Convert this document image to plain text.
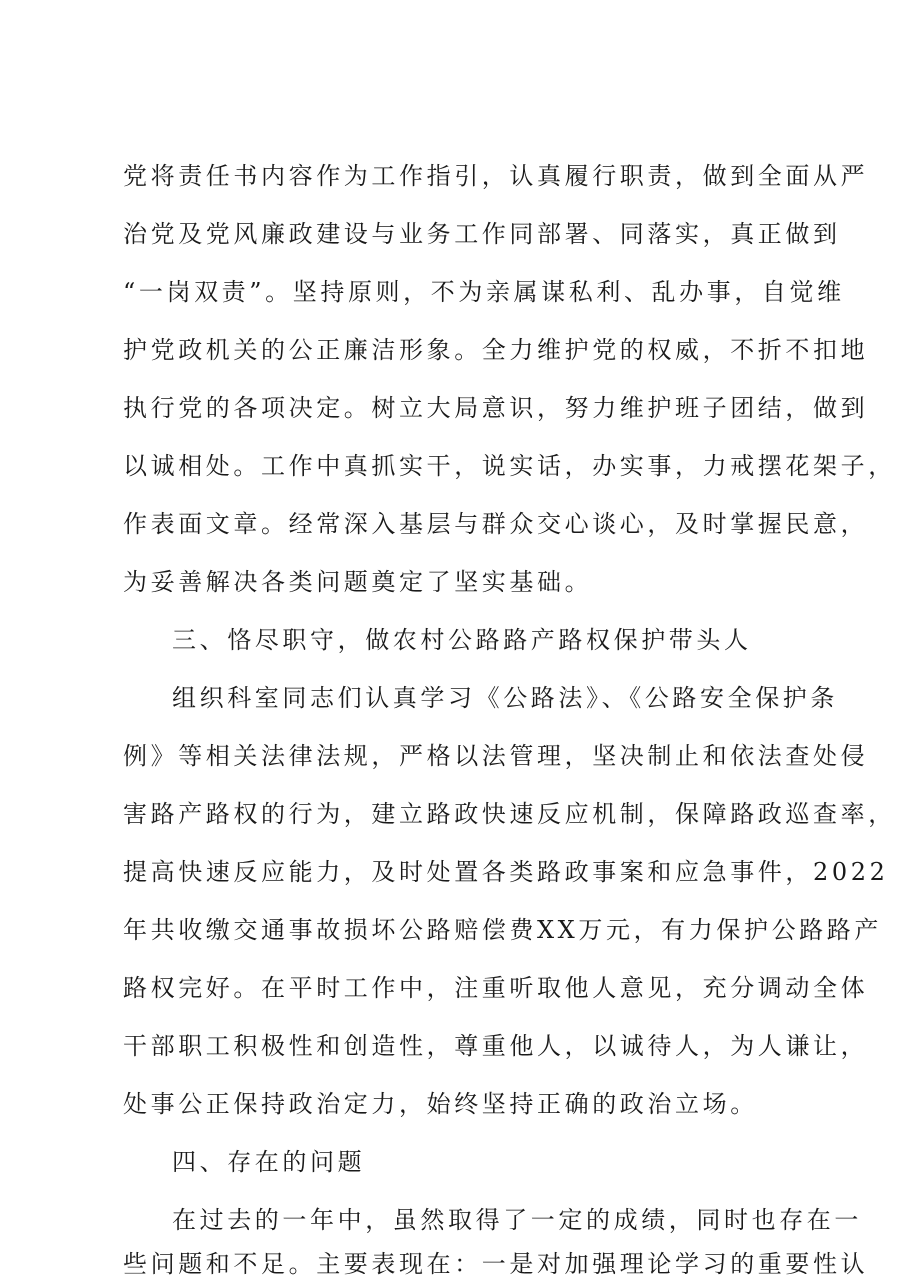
党将责任书内容作为工作指引，认真履行职责，做到全面从严
治党及党风廉政建设与业务工作同部署、同落实，真正做到
“一岗双责”。坚持原则，不为亲属谋私利、乱办事，自觉维
护党政机关的公正廉洁形象。全力维护党的权威，不折不扣地
执行党的各项决定。树立大局意识，努力维护班子团结，做到
以诚相处。工作中真抓实干，说实话，办实事，力戒摆花架子，
作表面文章。经常深入基层与群众交心谈心，及时掌握民意，
为妥善解决各类问题奠定了坚实基础。
三、恪尽职守，做农村公路路产路权保护带头人
组织科室同志们认真学习《公路法》、《公路安全保护条
例》等相关法律法规，严格以法管理，坚决制止和依法查处侵
害路产路权的行为，建立路政快速反应机制，保障路政巡查率，
提高快速反应能力，及时处置各类路政事案和应急事件，2022
年共收缴交通事故损坏公路赔偿费XX万元，有力保护公路路产
路权完好。在平时工作中，注重听取他人意见，充分调动全体
干部职工积极性和创造性，尊重他人，以诚待人，为人谦让，
处事公正保持政治定力，始终坚持正确的政治立场。
四、存在的问题
在过去的一年中，虽然取得了一定的成绩，同时也存在一
些问题和不足。主要表现在：一是对加强理论学习的重要性认
